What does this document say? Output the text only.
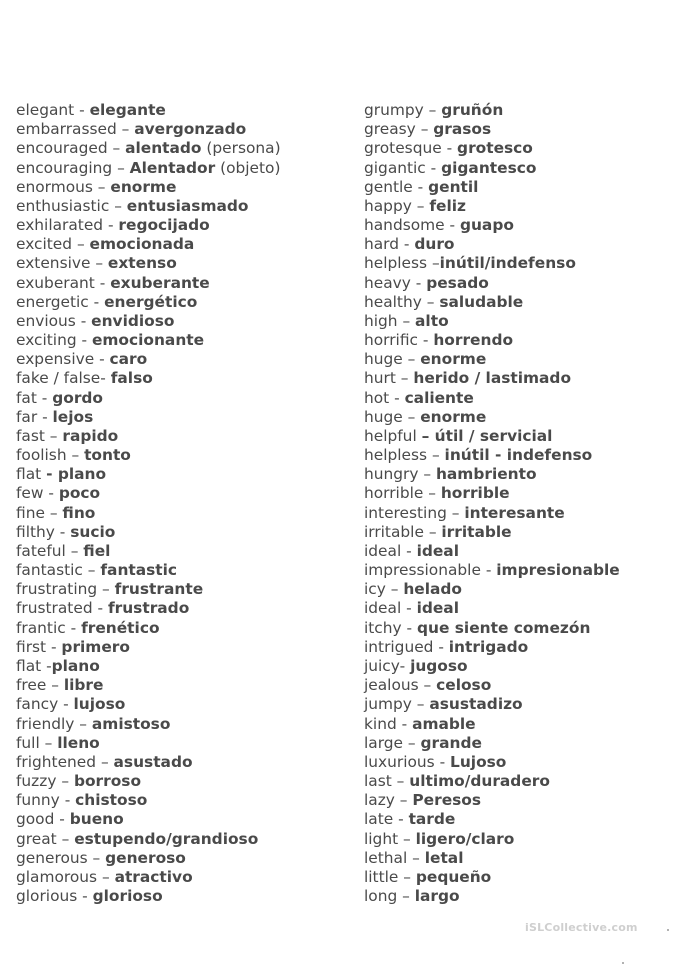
elegant - elegante
embarrassed – avergonzado
encouraged – alentado (persona)
encouraging – Alentador (objeto)
enormous – enorme
enthusiastic – entusiasmado
exhilarated - regocijado
excited – emocionada
extensive – extenso
exuberant - exuberante
energetic - energético
envious - envidioso
exciting - emocionante
expensive - caro
fake / false- falso
fat - gordo
far - lejos
fast – rapido
foolish – tonto
flat - plano
few - poco
fine – fino
filthy - sucio
fateful – fiel
fantastic – fantastic
frustrating – frustrante
frustrated - frustrado
frantic - frenético
first - primero
flat -plano
free – libre
fancy - lujoso
friendly – amistoso
full – lleno
frightened – asustado
fuzzy – borroso
funny - chistoso
good - bueno
great – estupendo/grandioso
generous – generoso
glamorous – atractivo
glorious - glorioso
grumpy – gruñón
greasy – grasos
grotesque - grotesco
gigantic - gigantesco
gentle - gentil
happy – feliz
handsome - guapo
hard - duro
helpless –inútil/indefenso
heavy - pesado
healthy – saludable
high – alto
horrific - horrendo
huge – enorme
hurt – herido / lastimado
hot - caliente
huge – enorme
helpful – útil / servicial
helpless – inútil - indefenso
hungry – hambriento
horrible – horrible
interesting – interesante
irritable – irritable
ideal - ideal
impressionable - impresionable
icy – helado
ideal - ideal
itchy - que siente comezón
intrigued - intrigado
juicy- jugoso
jealous – celoso
jumpy – asustadizo
kind - amable
large – grande
luxurious - Lujoso
last – ultimo/duradero
lazy – Peresos
late - tarde
light – ligero/claro
lethal – letal
little – pequeño
long – largo
iSLCollective.com
